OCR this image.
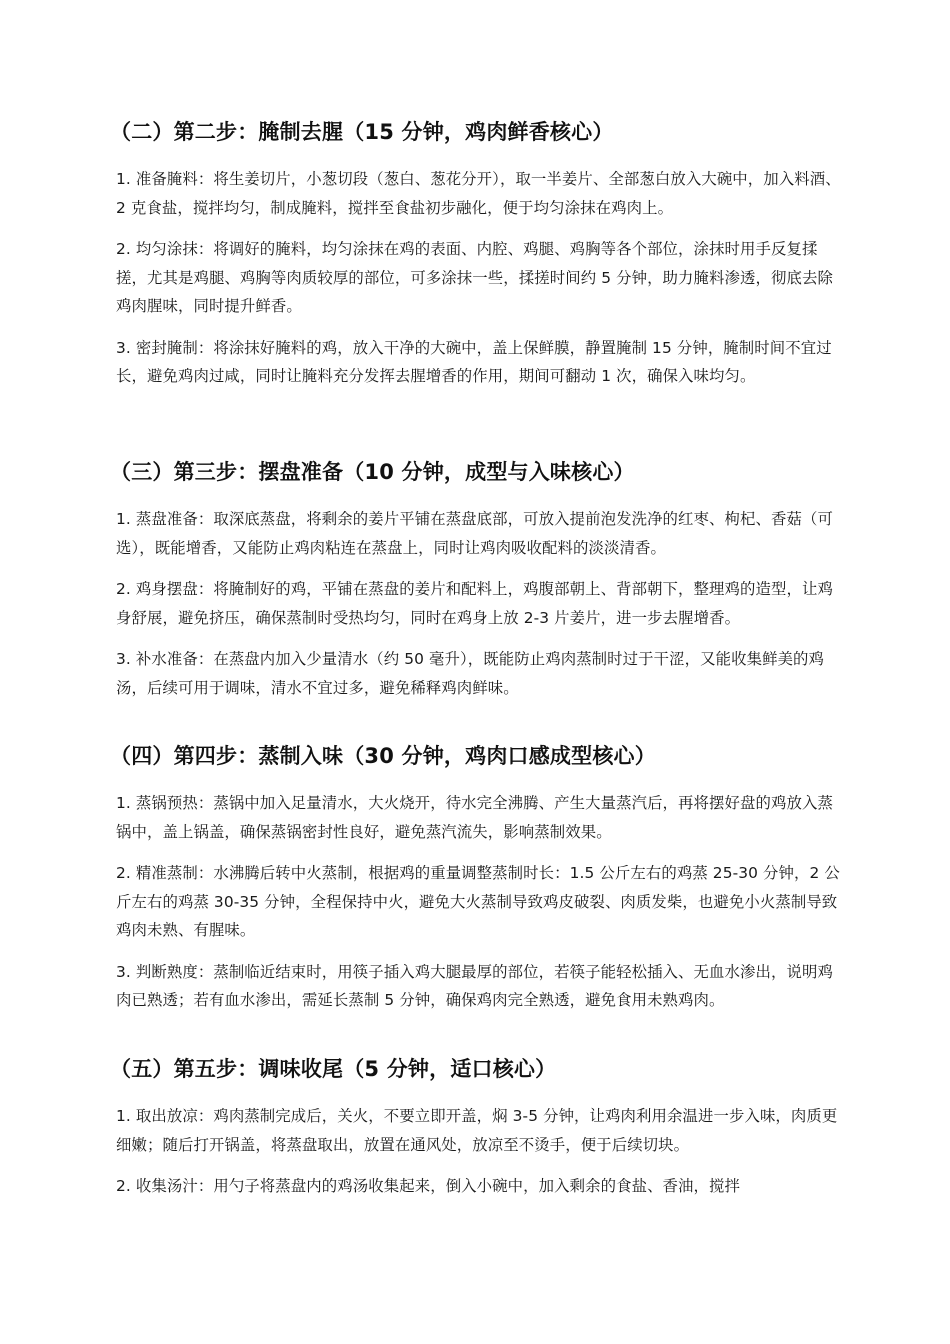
（二）第二步：腌制去腥（15 分钟，鸡肉鲜香核心）

1. 准备腌料：将生姜切片，小葱切段（葱白、葱花分开），取一半姜片、全部葱白放入大碗中，加入料酒、2 克食盐，搅拌均匀，制成腌料，搅拌至食盐初步融化，便于均匀涂抹在鸡肉上。

2. 均匀涂抹：将调好的腌料，均匀涂抹在鸡的表面、内腔、鸡腿、鸡胸等各个部位，涂抹时用手反复揉搓，尤其是鸡腿、鸡胸等肉质较厚的部位，可多涂抹一些，揉搓时间约 5 分钟，助力腌料渗透，彻底去除鸡肉腥味，同时提升鲜香。

3. 密封腌制：将涂抹好腌料的鸡，放入干净的大碗中，盖上保鲜膜，静置腌制 15 分钟，腌制时间不宜过长，避免鸡肉过咸，同时让腌料充分发挥去腥增香的作用，期间可翻动 1 次，确保入味均匀。

（三）第三步：摆盘准备（10 分钟，成型与入味核心）

1. 蒸盘准备：取深底蒸盘，将剩余的姜片平铺在蒸盘底部，可放入提前泡发洗净的红枣、枸杞、香菇（可选），既能增香，又能防止鸡肉粘连在蒸盘上，同时让鸡肉吸收配料的淡淡清香。

2. 鸡身摆盘：将腌制好的鸡，平铺在蒸盘的姜片和配料上，鸡腹部朝上、背部朝下，整理鸡的造型，让鸡身舒展，避免挤压，确保蒸制时受热均匀，同时在鸡身上放 2-3 片姜片，进一步去腥增香。

3. 补水准备：在蒸盘内加入少量清水（约 50 毫升），既能防止鸡肉蒸制时过于干涩，又能收集鲜美的鸡汤，后续可用于调味，清水不宜过多，避免稀释鸡肉鲜味。

（四）第四步：蒸制入味（30 分钟，鸡肉口感成型核心）

1. 蒸锅预热：蒸锅中加入足量清水，大火烧开，待水完全沸腾、产生大量蒸汽后，再将摆好盘的鸡放入蒸锅中，盖上锅盖，确保蒸锅密封性良好，避免蒸汽流失，影响蒸制效果。

2. 精准蒸制：水沸腾后转中火蒸制，根据鸡的重量调整蒸制时长：1.5 公斤左右的鸡蒸 25-30 分钟，2 公斤左右的鸡蒸 30-35 分钟，全程保持中火，避免大火蒸制导致鸡皮破裂、肉质发柴，也避免小火蒸制导致鸡肉未熟、有腥味。

3. 判断熟度：蒸制临近结束时，用筷子插入鸡大腿最厚的部位，若筷子能轻松插入、无血水渗出，说明鸡肉已熟透；若有血水渗出，需延长蒸制 5 分钟，确保鸡肉完全熟透，避免食用未熟鸡肉。

（五）第五步：调味收尾（5 分钟，适口核心）

1. 取出放凉：鸡肉蒸制完成后，关火，不要立即开盖，焖 3-5 分钟，让鸡肉利用余温进一步入味，肉质更细嫩；随后打开锅盖，将蒸盘取出，放置在通风处，放凉至不烫手，便于后续切块。

2. 收集汤汁：用勺子将蒸盘内的鸡汤收集起来，倒入小碗中，加入剩余的食盐、香油，搅拌
